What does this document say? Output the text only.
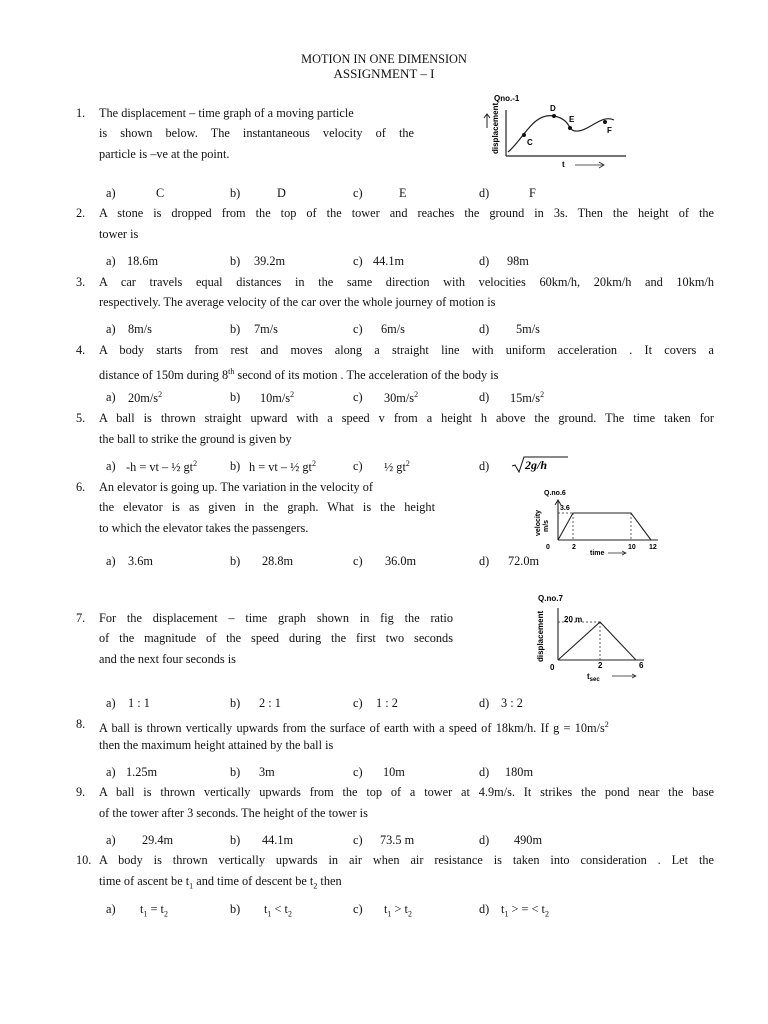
MOTION IN ONE DIMENSION
ASSIGNMENT – I
1. The displacement – time graph of a moving particle
is shown below. The instantaneous velocity of the
particle is –ve at the point.
Qno.-1
displacement	C
D
E
F
t
a)	C	b)	D	c)	E	d)	F
2. A stone is dropped from the top of the tower and reaches the ground in 3s. Then the height of the
tower is
a) 18.6m	b) 39.2m	c) 44.1m	d) 98m
3. A car travels equal distances in the same direction with velocities 60km/h, 20km/h and 10km/h
respectively. The average velocity of the car over the whole journey of motion is
a) 8m/s	b) 7m/s	c) 6m/s	d) 5m/s
4. A body starts from rest and moves along a straight line with uniform acceleration . It covers a
distance of 150m during 8th second of its motion . The acceleration of the body is
a) $20m/s^2$	b) $10m/s^2$	c) $30m/s^2$	d) $15m/s^2$
5. A ball is thrown straight upward with a speed v from a height h above the ground. The time taken for
the ball to strike the ground is given by
a) -h = vt – ½ $gt^2$	b) h = vt – ½ $gt^2$	c) ½ $gt^2$	d)	2g/h
6. An elevator is going up. The variation in the velocity of
the elevator is as given in the graph. What is the height
to which the elevator takes the passengers.
Q.no.6
velocity m/s
3.6
0	2	10 12
time
a) 3.6m	b) 28.8m	c) 36.0m	d) 72.0m
7. For the displacement – time graph shown in fig the ratio
of the magnitude of the speed during the first two seconds
and the next four seconds is
Q.no.7
displacement 20 m
0	2	6
$t_{sec}$
a) 1 : 1	b) 2 : 1	c) 1 : 2	d) 3 : 2
8. A ball is thrown vertically upwards from the surface of earth with a speed of 18km/h. If $g = 10m/s^2$
then the maximum height attained by the ball is
a) 1.25m	b) 3m	c) 10m	d) 180m
9. A ball is thrown vertically upwards from the top of a tower at 4.9m/s. It strikes the pond near the base
of the tower after 3 seconds. The height of the tower is
a) 29.4m	b) 44.1m	c) 73.5 m	d) 490m
10. A body is thrown vertically upwards in air when air resistance is taken into consideration . Let the
time of ascent be $t_1$ and time of descent be $t_2$ then
a) $t_1 = t_2$	b) $t_1 < t_2$	c) $t_1 > t_2$	d) $t_1$ > = < $t_2$
